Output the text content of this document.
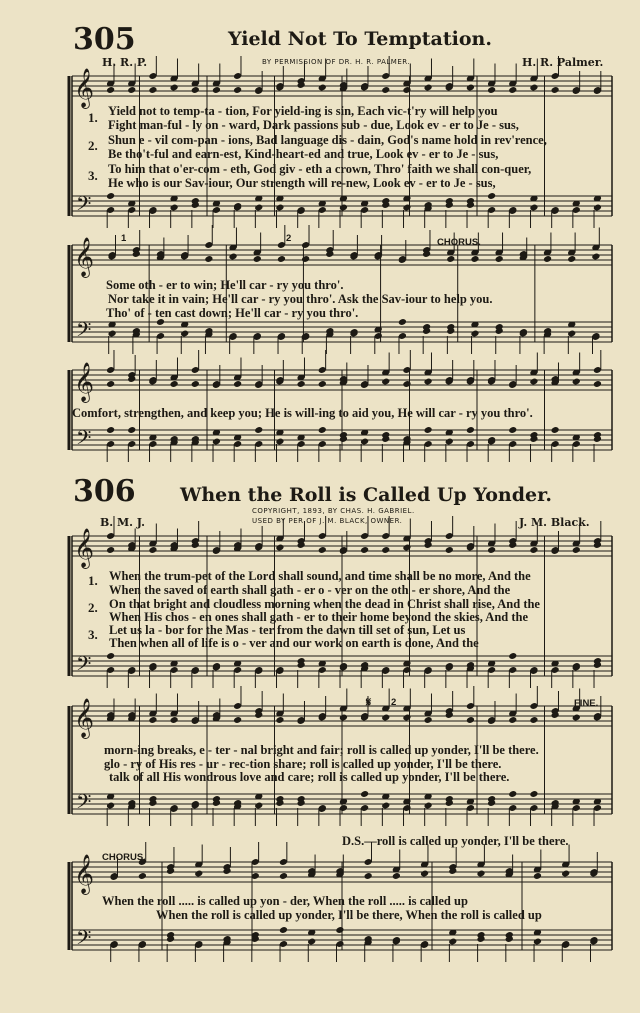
𝄞
𝄢
𝄞
𝄢
𝄞
𝄢
𝄞
𝄢
𝄞
𝄢
𝄞
𝄢
305	Yield Not To Temptation.
H. R. P.	BY PERMISSION OF DR. H. R. PALMER.	H. R. Palmer.
1.
2.
3.
Yield not to temp-ta - tion, For yield-ing is sin, Each vic-t'ry will help you
Fight man-ful - ly on - ward, Dark passions sub - due, Look ev - er to Je - sus,
Shun e - vil com-pan - ions, Bad language dis - dain, God's name hold in rev'rence,
Be tho't-ful and earn-est, Kind-heart-ed and true, Look ev - er to Je - sus,
To him that o'er-com - eth, God giv - eth a crown, Thro' faith we shall con-quer,
He who is our Sav-iour, Our strength will re-new, Look ev - er to Je - sus,
1	2	CHORUS.
Some oth - er to win; He'll car - ry you thro'.
Nor take it in vain; He'll car - ry you thro'. Ask the Sav-iour to help you.
Tho' of - ten cast down; He'll car - ry you thro'.
Comfort, strengthen, and keep you; He is will-ing to aid you, He will car - ry you thro'.
306 When the Roll is Called Up Yonder.
COPYRIGHT, 1893, BY CHAS. H. GABRIEL.
USED BY PER OF J. M. BLACK, OWNER.
B. M. J.	J. M. Black.
1.
2.
3.
When the trum-pet of the Lord shall sound, and time shall be no more, And the
When the saved of earth shall gath - er o - ver on the oth - er shore, And the
On that bright and cloudless morning when the dead in Christ shall rise, And the
When His chos - en ones shall gath - er to their home beyond the skies, And the
Let us la - bor for the Mas - ter from the dawn till set of sun, Let us
Then when all of life is o - ver and our work on earth is done, And the
𝄋 2	FINE.
morn-ing breaks, e - ter - nal bright and fair; roll is called up yonder, I'll be there.
glo - ry of His res - ur - rec-tion share; roll is called up yonder, I'll be there.
talk of all His wondrous love and care; roll is called up yonder, I'll be there.
D.S.—roll is called up yonder, I'll be there.
CHORUS.
When the roll ..... is called up yon - der, When the roll ..... is called up
When the roll is called up yonder, I'll be there, When the roll is called up
